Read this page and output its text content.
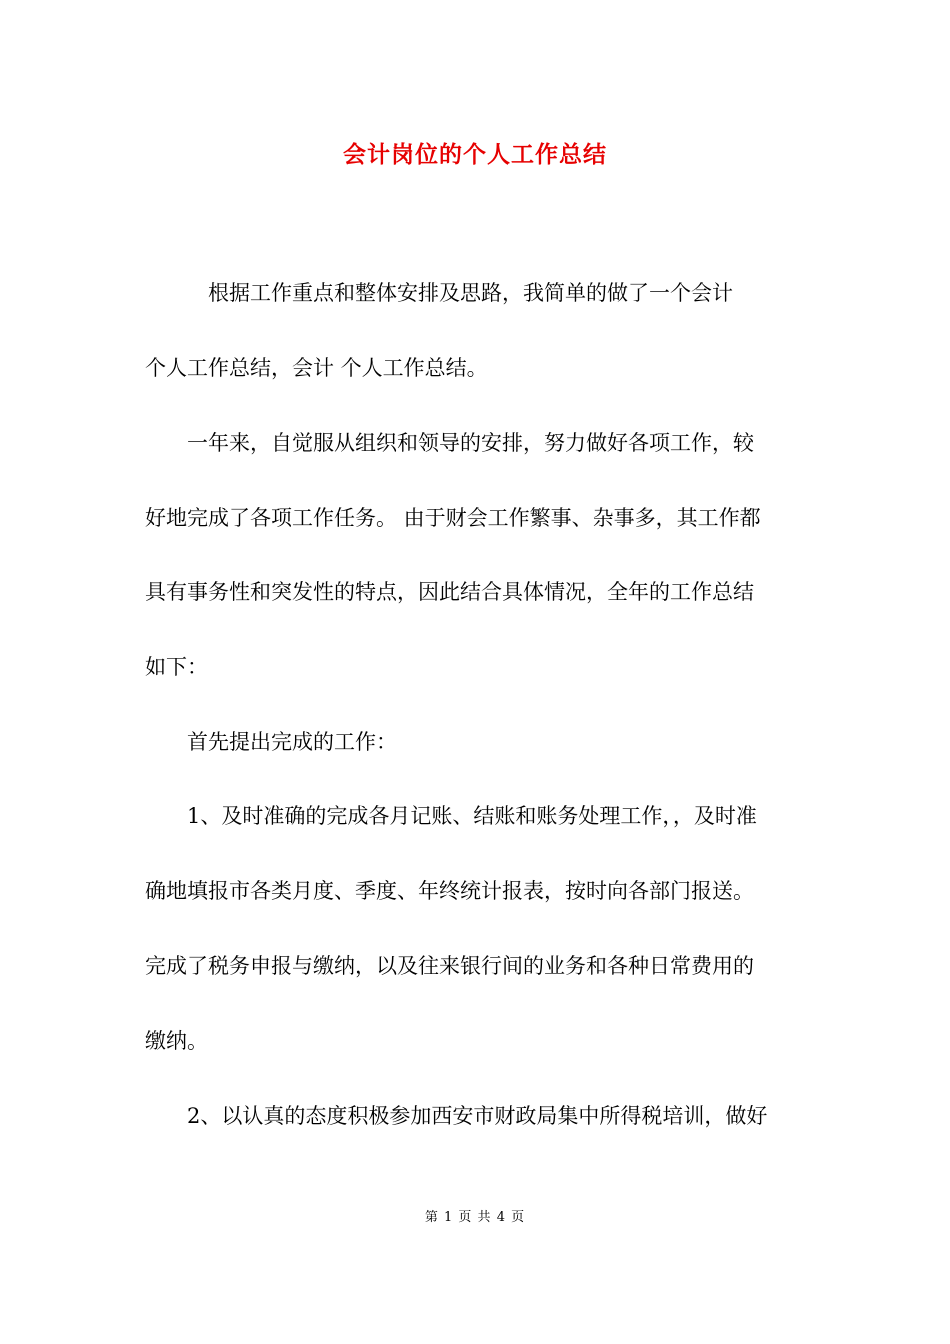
会计岗位的个人工作总结
　　　根据工作重点和整体安排及思路，我简单的做了一个会计
个人工作总结，会计 个人工作总结。
　　一年来，自觉服从组织和领导的安排，努力做好各项工作，较
好地完成了各项工作任务。 由于财会工作繁事、杂事多，其工作都
具有事务性和突发性的特点，因此结合具体情况，全年的工作总结
如下：
　　首先提出完成的工作：
　　1、及时准确的完成各月记账、结账和账务处理工作，，及时准
确地填报市各类月度、季度、年终统计报表，按时向各部门报送。
完成了税务申报与缴纳，以及往来银行间的业务和各种日常费用的
缴纳。
　　2、以认真的态度积极参加西安市财政局集中所得税培训，做好
第 1 页 共 4 页
